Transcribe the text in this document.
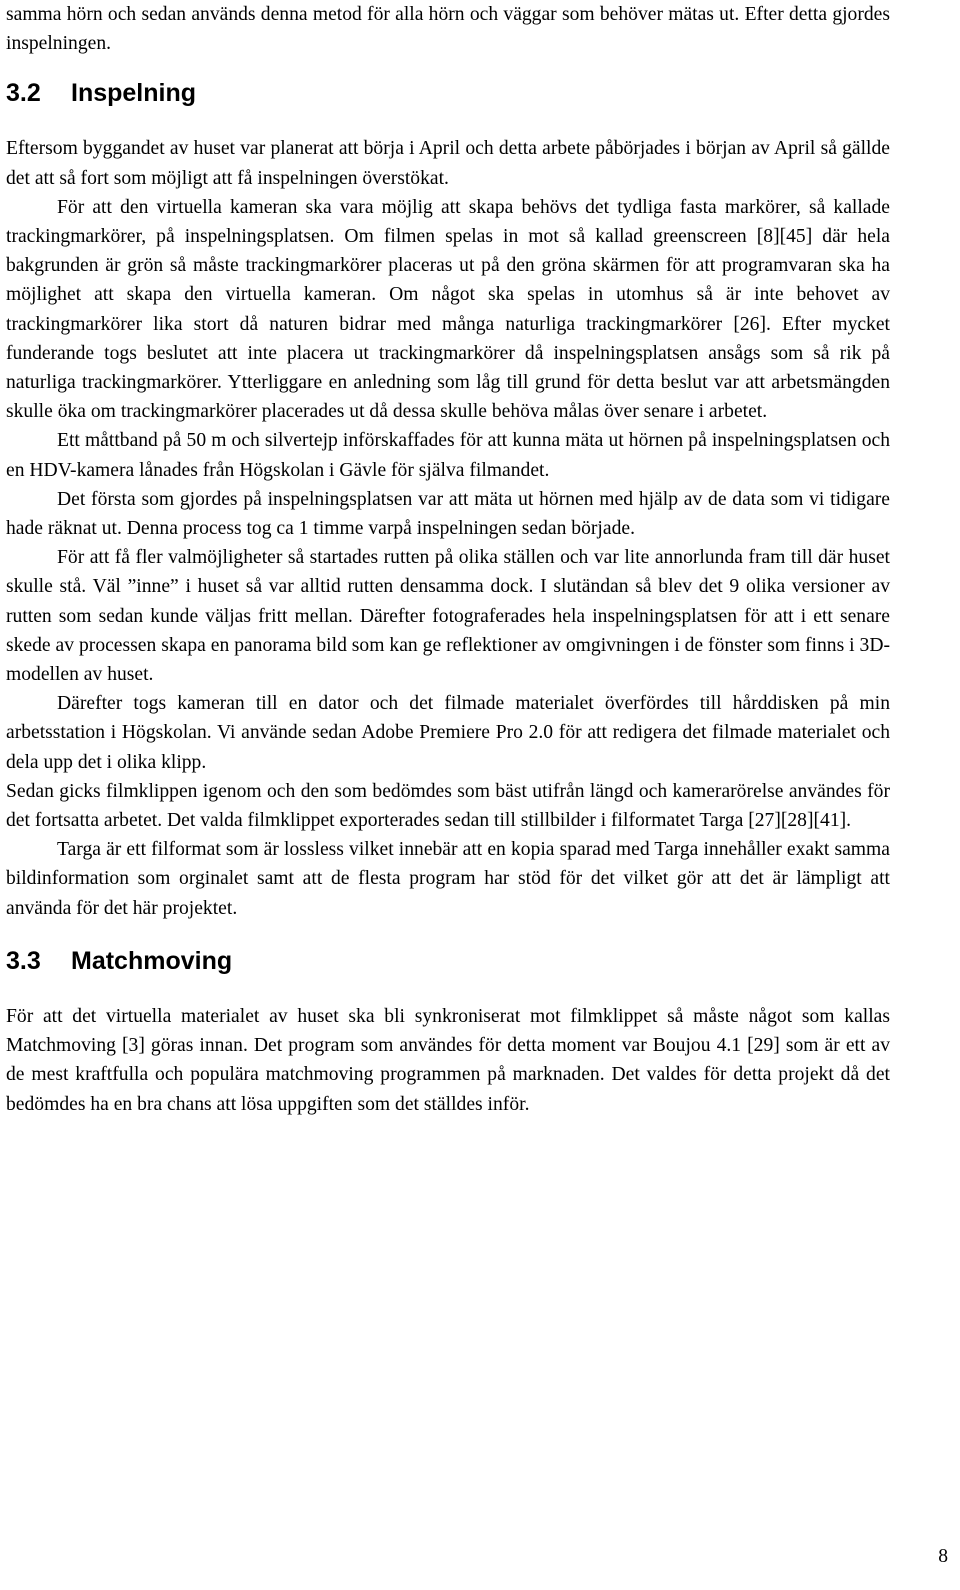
samma hörn och sedan används denna metod för alla hörn och väggar som behöver mätas ut. Efter detta gjordes inspelningen.

3.2	Inspelning

Eftersom byggandet av huset var planerat att börja i April och detta arbete påbörjades i början av April så gällde det att så fort som möjligt att få inspelningen överstökat.

För att den virtuella kameran ska vara möjlig att skapa behövs det tydliga fasta markörer, så kallade trackingmarkörer, på inspelningsplatsen. Om filmen spelas in mot så kallad greenscreen [8][45] där hela bakgrunden är grön så måste trackingmarkörer placeras ut på den gröna skärmen för att programvaran ska ha möjlighet att skapa den virtuella kameran. Om något ska spelas in utomhus så är inte behovet av trackingmarkörer lika stort då naturen bidrar med många naturliga trackingmarkörer [26]. Efter mycket funderande togs beslutet att inte placera ut trackingmarkörer då inspelningsplatsen ansågs som så rik på naturliga trackingmarkörer. Ytterliggare en anledning som låg till grund för detta beslut var att arbetsmängden skulle öka om trackingmarkörer placerades ut då dessa skulle behöva målas över senare i arbetet.

Ett måttband på 50 m och silvertejp införskaffades för att kunna mäta ut hörnen på inspelningsplatsen och en HDV-kamera lånades från Högskolan i Gävle för själva filmandet.

Det första som gjordes på inspelningsplatsen var att mäta ut hörnen med hjälp av de data som vi tidigare hade räknat ut. Denna process tog ca 1 timme varpå inspelningen sedan började.

För att få fler valmöjligheter så startades rutten på olika ställen och var lite annorlunda fram till där huset skulle stå. Väl ”inne” i huset så var alltid rutten densamma dock. I slutändan så blev det 9 olika versioner av rutten som sedan kunde väljas fritt mellan. Därefter fotograferades hela inspelningsplatsen för att i ett senare skede av processen skapa en panorama bild som kan ge reflektioner av omgivningen i de fönster som finns i 3D-modellen av huset.

Därefter togs kameran till en dator och det filmade materialet överfördes till hårddisken på min arbetsstation i Högskolan. Vi använde sedan Adobe Premiere Pro 2.0 för att redigera det filmade materialet och dela upp det i olika klipp.

Sedan gicks filmklippen igenom och den som bedömdes som bäst utifrån längd och kamerarörelse användes för det fortsatta arbetet. Det valda filmklippet exporterades sedan till stillbilder i filformatet Targa [27][28][41].

Targa är ett filformat som är lossless vilket innebär att en kopia sparad med Targa innehåller exakt samma bildinformation som orginalet samt att de flesta program har stöd för det vilket gör att det är lämpligt att använda för det här projektet.

3.3	Matchmoving

För att det virtuella materialet av huset ska bli synkroniserat mot filmklippet så måste något som kallas Matchmoving [3] göras innan. Det program som användes för detta moment var Boujou 4.1 [29] som är ett av de mest kraftfulla och populära matchmoving programmen på marknaden. Det valdes för detta projekt då det bedömdes ha en bra chans att lösa uppgiften som det ställdes inför.

8
